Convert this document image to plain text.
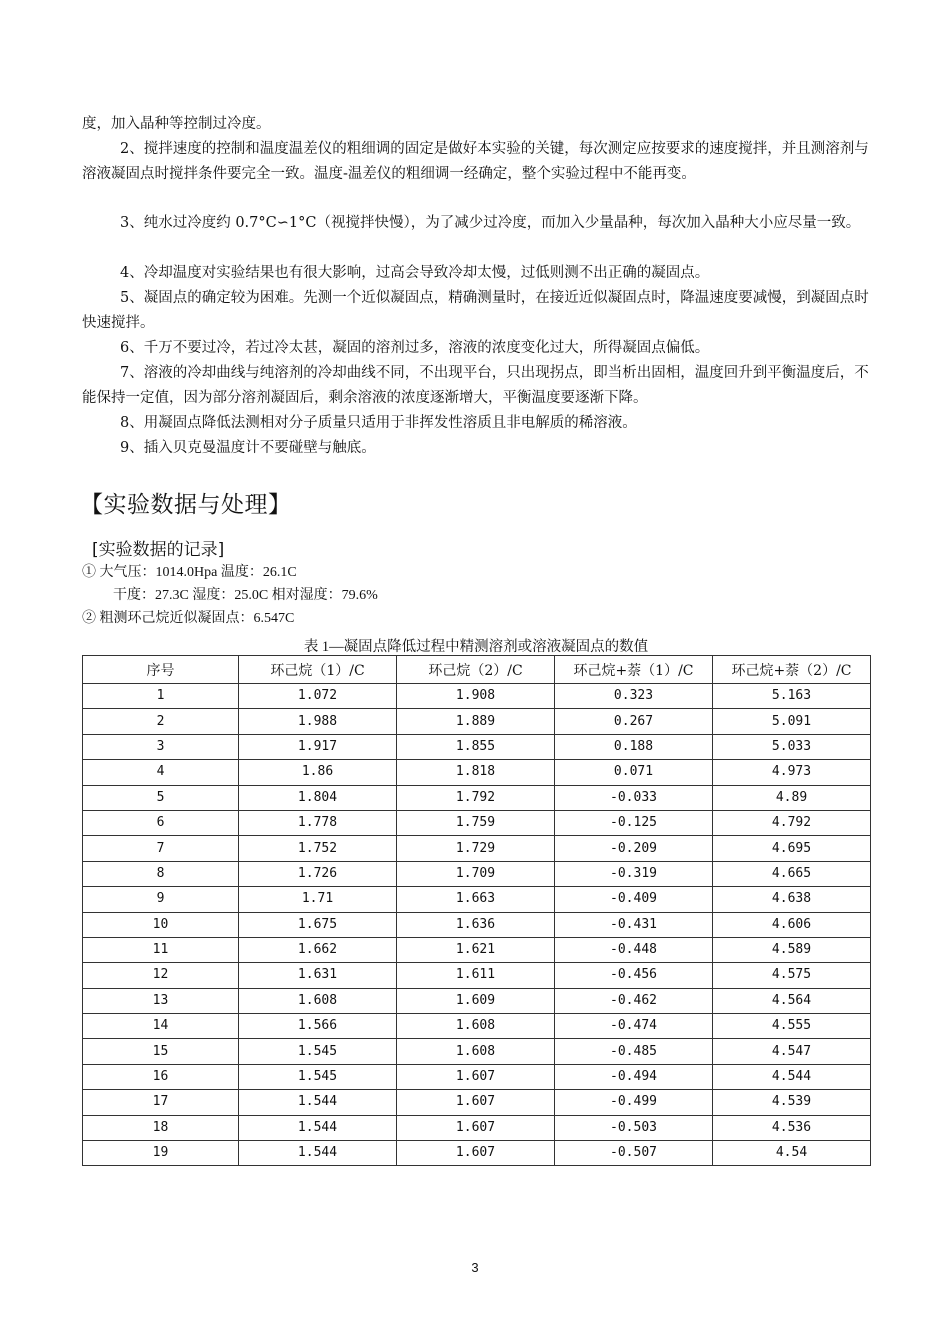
度，加入晶种等控制过冷度。

2、搅拌速度的控制和温度温差仪的粗细调的固定是做好本实验的关键，每次测定应按要求的速度搅拌，并且测溶剂与溶液凝固点时搅拌条件要完全一致。温度-温差仪的粗细调一经确定，整个实验过程中不能再变。

3、纯水过冷度约 0.7°C∽1°C（视搅拌快慢），为了减少过冷度，而加入少量晶种，每次加入晶种大小应尽量一致。

4、冷却温度对实验结果也有很大影响，过高会导致冷却太慢，过低则测不出正确的凝固点。

5、凝固点的确定较为困难。先测一个近似凝固点，精确测量时，在接近近似凝固点时，降温速度要减慢，到凝固点时快速搅拌。

6、千万不要过冷，若过冷太甚，凝固的溶剂过多，溶液的浓度变化过大，所得凝固点偏低。

7、溶液的冷却曲线与纯溶剂的冷却曲线不同，不出现平台，只出现拐点，即当析出固相，温度回升到平衡温度后，不能保持一定值，因为部分溶剂凝固后，剩余溶液的浓度逐渐增大，平衡温度要逐渐下降。

8、用凝固点降低法测相对分子质量只适用于非挥发性溶质且非电解质的稀溶液。

9、插入贝克曼温度计不要碰壁与触底。

【实验数据与处理】
[实验数据的记录]
① 大气压：1014.0Hpa 温度：26.1C
干度：27.3C 湿度：25.0C 相对湿度：79.6%
② 粗测环己烷近似凝固点：6.547C
表 1—凝固点降低过程中精测溶剂或溶液凝固点的数值
序号	环己烷（1）/C	环己烷（2）/C	环己烷+萘（1）/C	环己烷+萘（2）/C
1	1.072	1.908	0.323	5.163
2	1.988	1.889	0.267	5.091
3	1.917	1.855	0.188	5.033
4	1.86	1.818	0.071	4.973
5	1.804	1.792	-0.033	4.89
6	1.778	1.759	-0.125	4.792
7	1.752	1.729	-0.209	4.695
8	1.726	1.709	-0.319	4.665
9	1.71	1.663	-0.409	4.638
10	1.675	1.636	-0.431	4.606
11	1.662	1.621	-0.448	4.589
12	1.631	1.611	-0.456	4.575
13	1.608	1.609	-0.462	4.564
14	1.566	1.608	-0.474	4.555
15	1.545	1.608	-0.485	4.547
16	1.545	1.607	-0.494	4.544
17	1.544	1.607	-0.499	4.539
18	1.544	1.607	-0.503	4.536
19	1.544	1.607	-0.507	4.54
3
